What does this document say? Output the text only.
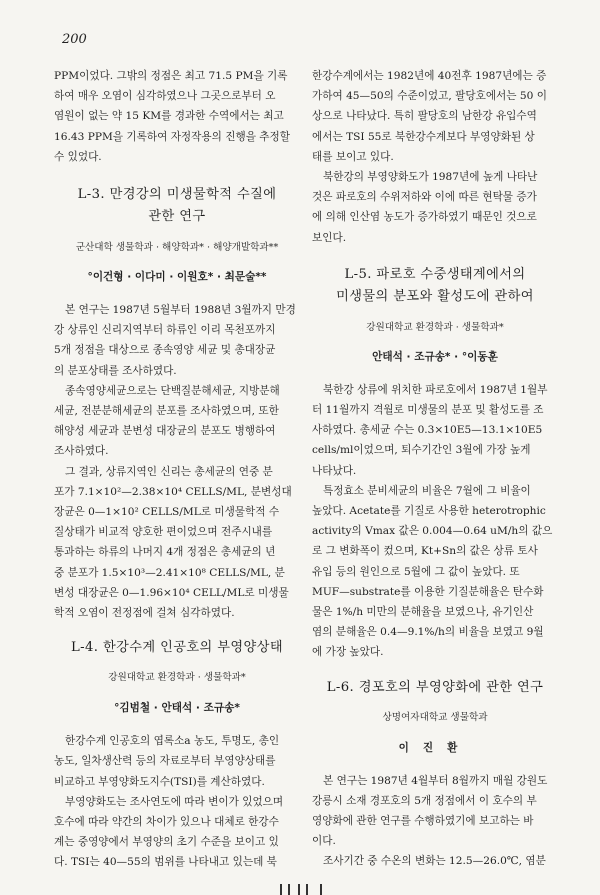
200

PPM이었다. 그밖의 정점은 최고 71.5 PM을 기록

하여 매우 오염이 심각하였으나 그곳으로부터 오

염원이 없는 약 15 KM를 경과한 수역에서는 최고

16.43 PPM을 기록하여 자정작용의 진행을 추정할

수 있었다.

L-3. 만경강의 미생물학적 수질에
관한 연구
군산대학 생물학과 · 해양학과* · 해양개발학과**
°이건형 · 이다미 · 이원호* · 최문술**

본 연구는 1987년 5월부터 1988년 3월까지 만경

강 상류인 신리지역부터 하류인 이리 목천포까지

5개 정점을 대상으로 종속영양 세균 및 총대장균

의 분포상태를 조사하였다.

종속영양세균으로는 단백질분해세균, 지방분해

세균, 전분분해세균의 분포를 조사하였으며, 또한

해양성 세균과 분변성 대장균의 분포도 병행하여

조사하였다.

그 결과, 상류지역인 신리는 총세균의 연중 분

포가 7.1×10²—2.38×10⁴ CELLS/ML, 분변성대

장균은 0—1×10² CELLS/ML로 미생물학적 수

질상태가 비교적 양호한 편이었으며 전주시내를

통과하는 하류의 나머지 4개 정점은 총세균의 년

중 분포가 1.5×10³—2.41×10⁸ CELLS/ML, 분

변성 대장균은 0—1.96×10⁴ CELL/ML로 미생물

학적 오염이 전정점에 걸쳐 심각하였다.

L-4. 한강수계 인공호의 부영양상태
강원대학교 환경학과 · 생물학과*
°김범철 · 안태석 · 조규송*

한강수계 인공호의 엽록소a 농도, 투명도, 총인

농도, 일차생산력 등의 자료로부터 부영양상태를

비교하고 부영양화도지수(TSI)를 계산하였다.

부영양화도는 조사연도에 따라 변이가 있었으며

호수에 따라 약간의 차이가 있으나 대체로 한강수

계는 중영양에서 부영양의 초기 수준을 보이고 있

다. TSI는 40—55의 범위를 나타내고 있는데 북

한강수계에서는 1982년에 40전후 1987년에는 증

가하여 45—50의 수준이었고, 팔당호에서는 50 이

상으로 나타났다. 특히 팔당호의 남한강 유입수역

에서는 TSI 55로 북한강수계보다 부영양화된 상

태를 보이고 있다.

북한강의 부영양화도가 1987년에 높게 나타난

것은 파로호의 수위저하와 이에 따른 현탁물 증가

에 의해 인산염 농도가 증가하였기 때문인 것으로

보인다.

L-5. 파로호 수중생태계에서의
미생물의 분포와 활성도에 관하여
강원대학교 환경학과 · 생물학과*
안태석 · 조규송* · °이동훈

북한강 상류에 위치한 파로호에서 1987년 1월부

터 11월까지 격월로 미생물의 분포 및 활성도를 조

사하였다. 총세균 수는 0.3×10E5—13.1×10E5

cells/ml이었으며, 퇴수기간인 3월에 가장 높게

나타났다.

특정효소 분비세균의 비율은 7월에 그 비율이

높았다. Acetate를 기질로 사용한 heterotrophic

activity의 Vmax 값은 0.004—0.64 uM/h의 값으

로 그 변화폭이 컸으며, Kt+Sn의 값은 상류 토사

유입 등의 원인으로 5월에 그 값이 높았다. 또

MUF—substrate를 이용한 기질분해율은 탄수화

물은 1%/h 미만의 분해율을 보였으나, 유기인산

염의 분해율은 0.4—9.1%/h의 비율을 보였고 9월

에 가장 높았다.

L-6. 경포호의 부영양화에 관한 연구
상명여자대학교 생물학과
이진환

본 연구는 1987년 4월부터 8월까지 매월 강원도

강릉시 소재 경포호의 5개 정점에서 이 호수의 부

영양화에 관한 연구를 수행하였기에 보고하는 바

이다.

조사기간 중 수온의 변화는 12.5—26.0℃, 염분
